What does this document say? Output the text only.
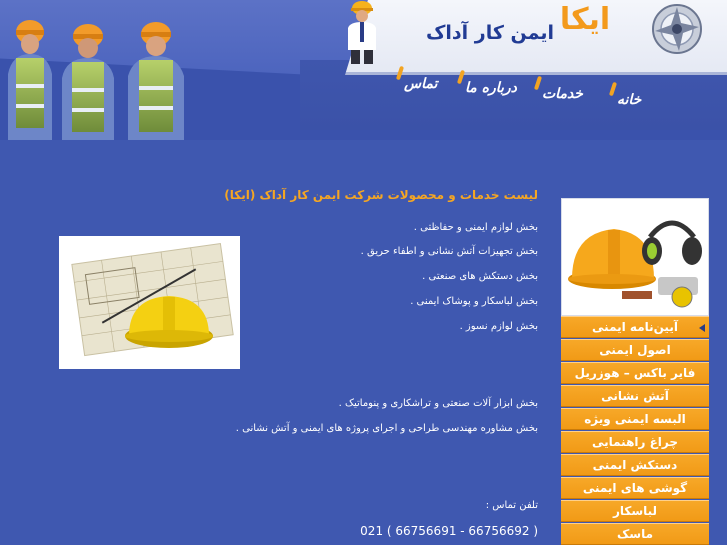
ایکا
ایمن کار آداک
خانه
خدمات
درباره ما
تماس
لیست خدمات و محصولات شرکت ایمن کار آداک (ایکا)
بخش لوازم ایمنی و حفاظتی .
بخش تجهیزات آتش نشانی و اطفاء حریق .
بخش دستکش های صنعتی .
بخش لباسکار و پوشاک ایمنی .
بخش لوازم نسوز .
بخش ابزار آلات صنعتی و تراشکاری و پنوماتیک .
بخش مشاوره مهندسی طراحی و اجرای پروژه های ایمنی و آتش نشانی .
تلفن تماس :
021 ( 66756691 - 66756692 )
آیین‌نامه ایمنی
اصول ایمنی
فایر باکس – هوزریل
آتش نشانی
البسه ایمنی ویژه
چراغ راهنمایی
دستکش ایمنی
گوشی های ایمنی
لباسکار
ماسک
